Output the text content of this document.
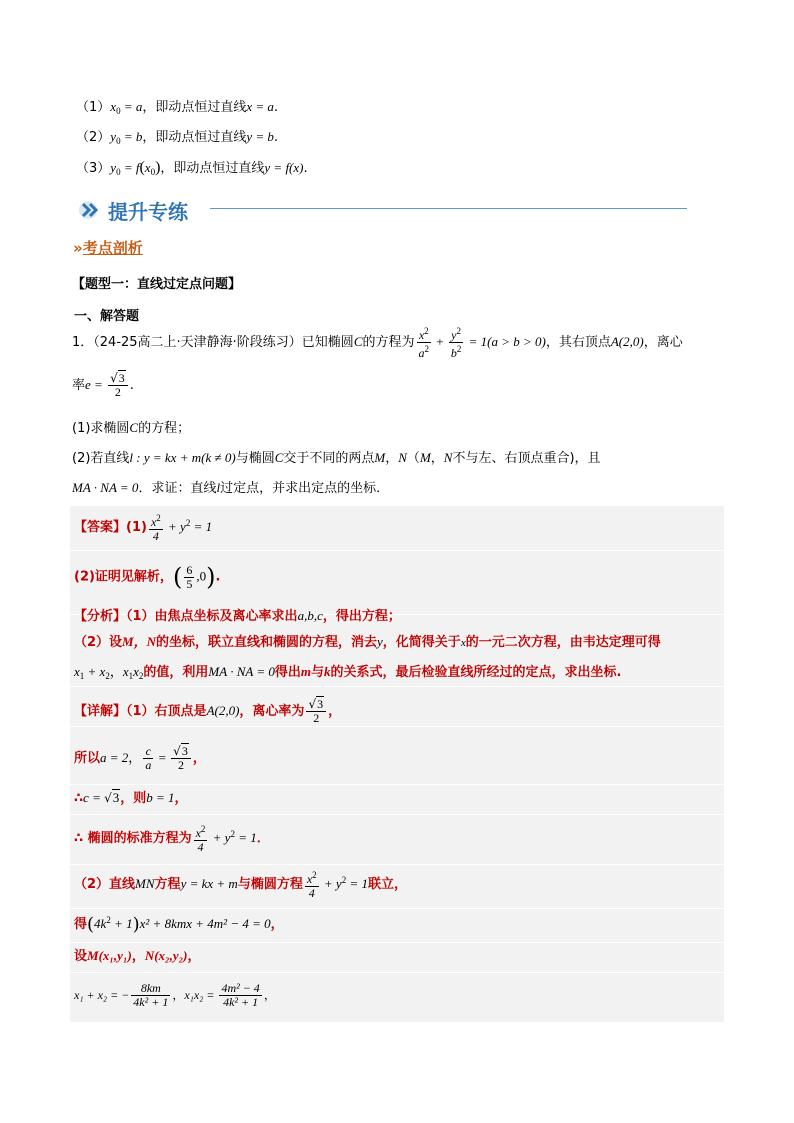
$(1)x_0 = a$，即动点恒过直线x = a.
$(2)y_0 = b$，即动点恒过直线y = b.
$(3)y_0 = f(x_0)$，即动点恒过直线y = f(x).
提升专练
»考点剖析
【题型一：直线过定点问题】
一、解答题
1．（24-25高二上·天津静海·阶段练习）已知椭圆C的方程为 $\frac{x^2}{a^2} + \frac{y^2}{b^2} = 1(a > b > 0)$，其右顶点A(2,0)，离心
率$e = \frac{√3}{2}$ .
(1)求椭圆C的方程；
(2)若直线l : y = kx + m(k ≠ 0)与椭圆C交于不同的两点M，N（M，N不与左、右顶点重合)，且
MA · NA = 0．求证：直线l过定点，并求出定点的坐标．
【答案】$(1) \frac{x^2}{4} + y^2 = 1$
(2)证明见解析，( $\frac{6}{5} ,0$).
【分析】（1）由焦点坐标及离心率求出a,b,c，得出方程；
（2）设M，N的坐标，联立直线和椭圆的方程，消去y，化简得关于x的一元二次方程，由韦达定理可得
$x_1 + x_2$，$x_1x_2$的值，利用MA · NA = 0得出m与k的关系式，最后检验直线所经过的定点，求出坐标.
【详解】（1）右顶点是A(2,0)，离心率为 $\frac{√3}{2}$ ，
所以a = 2， $\frac{c}{a} = \frac{√3}{2}$ ，
∴c = √3，则b = 1，
∴ 椭圆的标准方程为 $\frac{x^2}{4} + y^2 = 1$．
（2）直线MN方程y = kx + m与椭圆方程 $\frac{x^2}{4} + y^2 = 1$联立，
得$(4k^2 + 1)x^2 + 8kmx + 4m^2 - 4 = 0$，
设M(x₁,y₁)，N(x₂,y₂)，
x₁ + x₂ = − $\frac{8km}{\text{4k² + 1}}$ ，$x_1x_2 = \frac{\text{4m² − 4}}{\text{4k² + 1}}$ ，
